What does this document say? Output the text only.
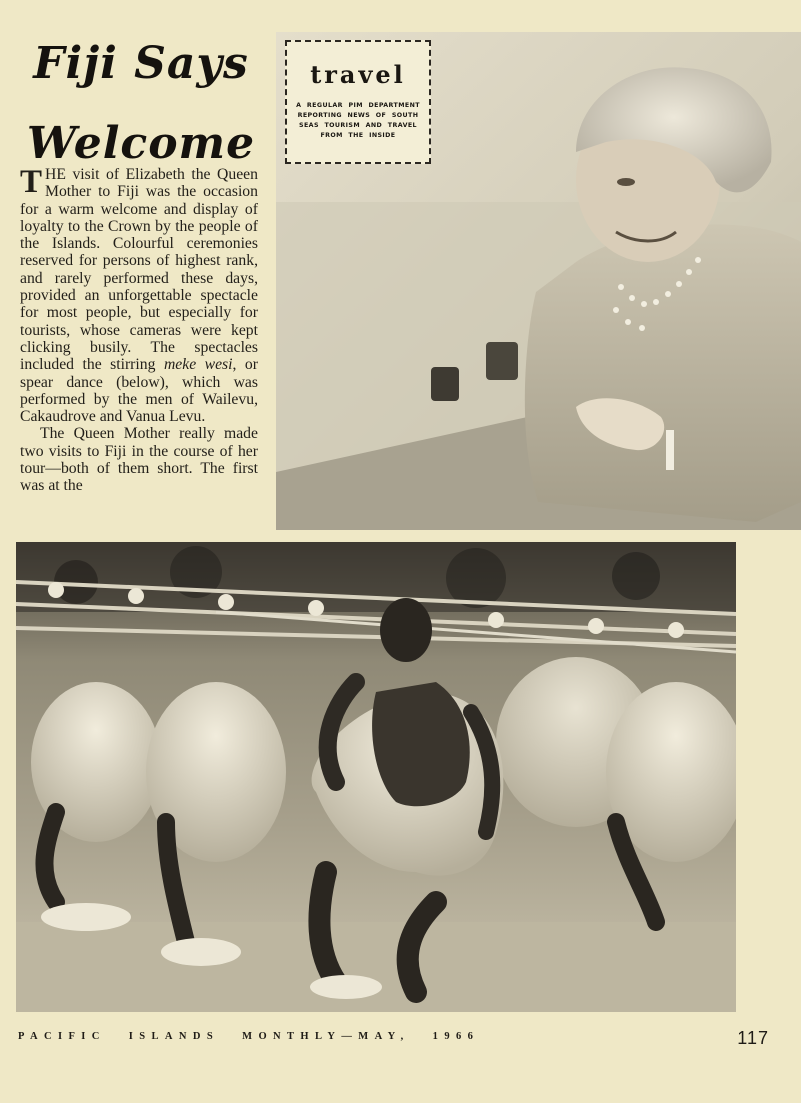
Fiji Says
Welcome

THE visit of Elizabeth the Queen Mother to Fiji was the occasion for a warm welcome and display of loyalty to the Crown by the people of the Islands. Colourful ceremonies reserved for persons of highest rank, and rarely performed these days, provided an unforgettable spectacle for most people, but especially for tourists, whose cameras were kept clicking busily. The spectacles included the stirring meke wesi, or spear dance (below), which was performed by the men of Wailevu, Cakaudrove and Vanua Levu.

The Queen Mother really made two visits to Fiji in the course of her tour—both of them short. The first was at the

travel
A REGULAR PIM DEPARTMENT REPORTING NEWS OF SOUTH SEAS TOURISM AND TRAVEL FROM THE INSIDE
PACIFIC ISLANDS MONTHLY—MAY, 1966	117
